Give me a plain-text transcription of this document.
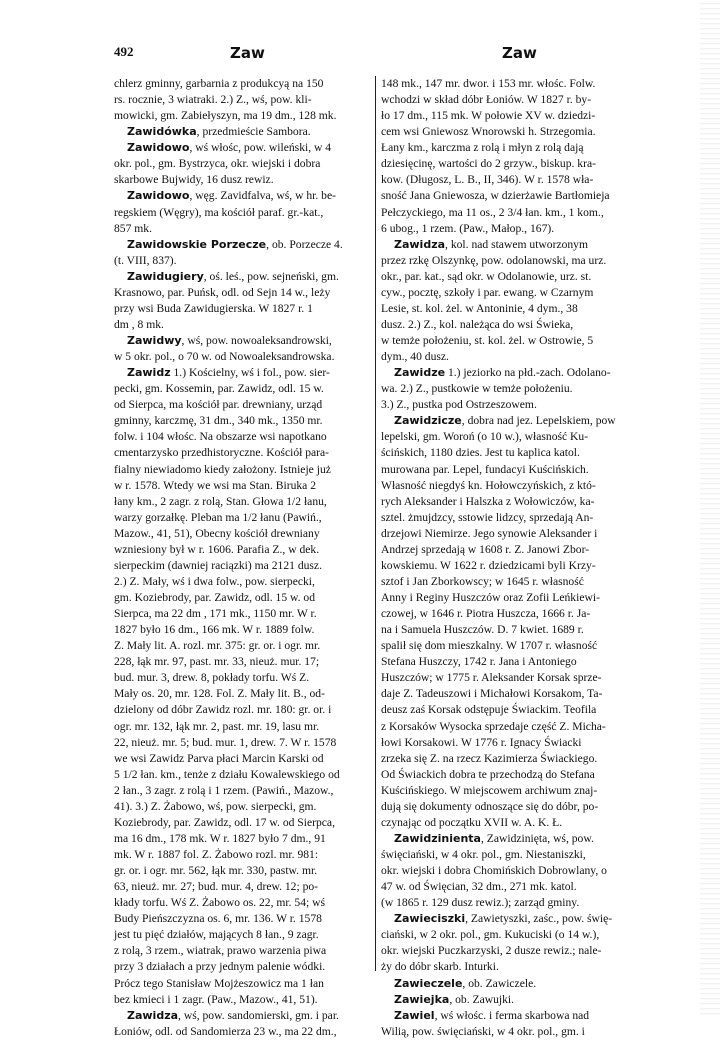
492	Zaw	Zaw
chlerz gminny, garbarnia z produkcyą na 150
rs. rocznie, 3 wiatraki. 2.) Z., wś, pow. kli-
mowicki, gm. Zabiełyszyn, ma 19 dm., 128 mk.
Zawidówka, przedmieście Sambora.
Zawidowo, wś włośc, pow. wileński, w 4
okr. pol., gm. Bystrzyca, okr. wiejski i dobra
skarbowe Bujwidy, 16 dusz rewiz.
Zawidowo, węg. Zavidfalva, wś, w hr. be-
regskiem (Węgry), ma kościół paraf. gr.-kat.,
857 mk.
Zawidowskie Porzecze, ob. Porzecze 4.
(t. VIII, 837).
Zawidugiery, oś. leś., pow. sejneński, gm.
Krasnowo, par. Puńsk, odl. od Sejn 14 w., leży
przy wsi Buda Zawidugierska. W 1827 r. 1
dm , 8 mk.
Zawidwy, wś, pow. nowoaleksandrowski,
w 5 okr. pol., o 70 w. od Nowoaleksandrowska.
Zawidz 1.) Kościelny, wś i fol., pow. sier-
pecki, gm. Kossemin, par. Zawidz, odl. 15 w.
od Sierpca, ma kościół par. drewniany, urząd
gminny, karczmę, 31 dm., 340 mk., 1350 mr.
folw. i 104 włośc. Na obszarze wsi napotkano
cmentarzysko przedhistoryczne. Kościół para-
fialny niewiadomo kiedy założony. Istnieje już
w r. 1578. Wtedy we wsi ma Stan. Biruka 2
łany km., 2 zagr. z rolą, Stan. Głowa 1/2 łanu,
warzy gorzałkę. Pleban ma 1/2 łanu (Pawiń.,
Mazow., 41, 51), Obecny kościół drewniany
wzniesiony był w r. 1606. Parafia Z., w dek.
sierpeckim (dawniej raciązki) ma 2121 dusz.
2.) Z. Mały, wś i dwa folw., pow. sierpecki,
gm. Koziebrody, par. Zawidz, odl. 15 w. od
Sierpca, ma 22 dm , 171 mk., 1150 mr. W r.
1827 było 16 dm., 166 mk. W r. 1889 folw.
Z. Mały lit. A. rozl. mr. 375: gr. or. i ogr. mr.
228, łąk mr. 97, past. mr. 33, nieuż. mur. 17;
bud. mur. 3, drew. 8, pokłady torfu. Wś Z.
Mały os. 20, mr. 128. Fol. Z. Mały lit. B., od-
dzielony od dóbr Zawidz rozl. mr. 180: gr. or. i
ogr. mr. 132, łąk mr. 2, past. mr. 19, lasu mr.
22, nieuż. mr. 5; bud. mur. 1, drew. 7. W r. 1578
we wsi Zawidz Parva płaci Marcin Karski od
5 1/2 łan. km., tenże z działu Kowalewskiego od
2 łan., 3 zagr. z rolą i 1 rzem. (Pawiń., Mazow.,
41). 3.) Z. Żabowo, wś, pow. sierpecki, gm.
Koziebrody, par. Zawidz, odl. 17 w. od Sierpca,
ma 16 dm., 178 mk. W r. 1827 było 7 dm., 91
mk. W r. 1887 fol. Z. Żabowo rozl. mr. 981:
gr. or. i ogr. mr. 562, łąk mr. 330, pastw. mr.
63, nieuż. mr. 27; bud. mur. 4, drew. 12; po-
kłady torfu. Wś Z. Żabowo os. 22, mr. 54; wś
Budy Pieńszczyzna os. 6, mr. 136. W r. 1578
jest tu pięć działów, mających 8 łan., 9 zagr.
z rolą, 3 rzem., wiatrak, prawo warzenia piwa
przy 3 działach a przy jednym palenie wódki.
Prócz tego Stanisław Mojżeszowicz ma 1 łan
bez kmieci i 1 zagr. (Paw., Mazow., 41, 51).
Zawidza, wś, pow. sandomierski, gm. i par.
Łoniów, odl. od Sandomierza 23 w., ma 22 dm.,
148 mk., 147 mr. dwor. i 153 mr. włośc. Folw.
wchodzi w skład dóbr Łoniów. W 1827 r. by-
ło 17 dm., 115 mk. W połowie XV w. dziedzi-
cem wsi Gniewosz Wnorowski h. Strzegomia.
Łany km., karczma z rolą i młyn z rolą dają
dziesięcinę, wartości do 2 grzyw., biskup. kra-
kow. (Długosz, L. B., II, 346). W r. 1578 wła-
sność Jana Gniewosza, w dzierżawie Bartłomieja
Pełczyckiego, ma 11 os., 2 3/4 łan. km., 1 kom.,
6 ubog., 1 rzem. (Paw., Małop., 167).
Zawidza, kol. nad stawem utworzonym
przez rzkę Olszynkę, pow. odolanowski, ma urz.
okr., par. kat., sąd okr. w Odolanowie, urz. st.
cyw., pocztę, szkoły i par. ewang. w Czarnym
Lesie, st. kol. żel. w Antoninie, 4 dym., 38
dusz. 2.) Z., kol. należąca do wsi Świeka,
w temże położeniu, st. kol. żel. w Ostrowie, 5
dym., 40 dusz.
Zawidze 1.) jeziorko na płd.-zach. Odolano-
wa. 2.) Z., pustkowie w temże położeniu.
3.) Z., pustka pod Ostrzeszowem.
Zawidzicze, dobra nad jez. Lepelskiem, pow
lepelski, gm. Woroń (o 10 w.), własność Ku-
ścińskich, 1180 dzies. Jest tu kaplica katol.
murowana par. Lepel, fundacyi Kuścińskich.
Własność niegdyś kn. Hołowczyńskich, z któ-
rych Aleksander i Halszka z Wołowiczów, ka-
sztel. żmujdzcy, sstowie lidzcy, sprzedają An-
drzejowi Niemirze. Jego synowie Aleksander i
Andrzej sprzedają w 1608 r. Z. Janowi Zbor-
kowskiemu. W 1622 r. dziedzicami byli Krzy-
sztof i Jan Zborkowscy; w 1645 r. własność
Anny i Reginy Huszczów oraz Zofii Leńkiewi-
czowej, w 1646 r. Piotra Huszcza, 1666 r. Ja-
na i Samuela Huszczów. D. 7 kwiet. 1689 r.
spalił się dom mieszkalny. W 1707 r. własność
Stefana Huszczy, 1742 r. Jana i Antoniego
Huszczów; w 1775 r. Aleksander Korsak sprze-
daje Z. Tadeuszowi i Michałowi Korsakom, Ta-
deusz zaś Korsak odstępuje Świackim. Teofila
z Korsaków Wysocka sprzedaje część Z. Micha-
łowi Korsakowi. W 1776 r. Ignacy Świacki
zrzeka się Z. na rzecz Kazimierza Świackiego.
Od Świackich dobra te przechodzą do Stefana
Kuścińskiego. W miejscowem archiwum znaj-
dują się dokumenty odnoszące się do dóbr, po-
czynając od początku XVII w. A. K. Ł.
Zawidzinienta, Zawidzinięta, wś, pow.
święciański, w 4 okr. pol., gm. Niestaniszki,
okr. wiejski i dobra Chomińskich Dobrowlany, o
47 w. od Święcian, 32 dm., 271 mk. katol.
(w 1865 r. 129 dusz rewiz.); zarząd gminy.
Zawieciszki, Zawietyszki, zaśc., pow. świę-
ciański, w 2 okr. pol., gm. Kukuciski (o 14 w.),
okr. wiejski Puczkarzyski, 2 dusze rewiz.; nale-
ży do dóbr skarb. Inturki.
Zawieczele, ob. Zawiczele.
Zawiejka, ob. Zawujki.
Zawiel, wś włośc. i ferma skarbowa nad
Wilią, pow. święciański, w 4 okr. pol., gm. i
